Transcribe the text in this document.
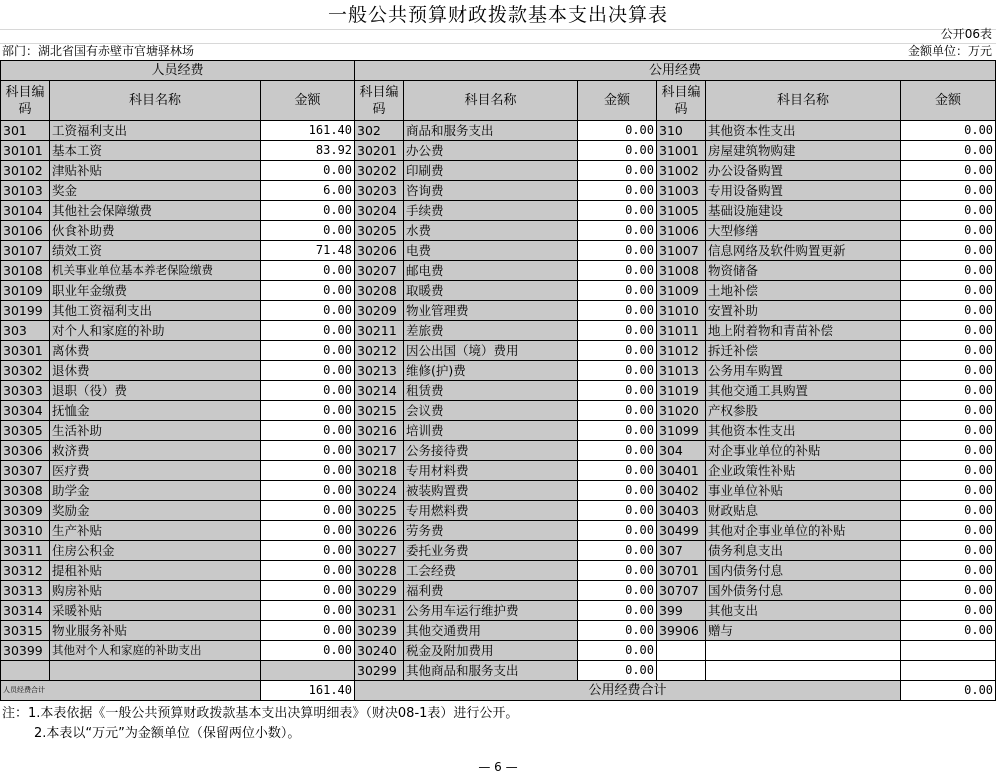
一般公共预算财政拨款基本支出决算表
公开06表
部门：湖北省国有赤壁市官塘驿林场	金额单位：万元
人员经费			公用经费					
科目编码	科目名称	金额	科目编码	科目名称	金额	科目编码	科目名称	金额
301	工资福利支出	161.40	302	商品和服务支出	0.00	310	其他资本性支出	0.00
30101	基本工资	83.92	30201	办公费	0.00	31001	房屋建筑物购建	0.00
30102	津贴补贴	0.00	30202	印刷费	0.00	31002	办公设备购置	0.00
30103	奖金	6.00	30203	咨询费	0.00	31003	专用设备购置	0.00
30104	其他社会保障缴费	0.00	30204	手续费	0.00	31005	基础设施建设	0.00
30106	伙食补助费	0.00	30205	水费	0.00	31006	大型修缮	0.00
30107	绩效工资	71.48	30206	电费	0.00	31007	信息网络及软件购置更新	0.00
30108	机关事业单位基本养老保险缴费	0.00	30207	邮电费	0.00	31008	物资储备	0.00
30109	职业年金缴费	0.00	30208	取暖费	0.00	31009	土地补偿	0.00
30199	其他工资福利支出	0.00	30209	物业管理费	0.00	31010	安置补助	0.00
303	对个人和家庭的补助	0.00	30211	差旅费	0.00	31011	地上附着物和青苗补偿	0.00
30301	离休费	0.00	30212	因公出国（境）费用	0.00	31012	拆迁补偿	0.00
30302	退休费	0.00	30213	维修(护)费	0.00	31013	公务用车购置	0.00
30303	退职（役）费	0.00	30214	租赁费	0.00	31019	其他交通工具购置	0.00
30304	抚恤金	0.00	30215	会议费	0.00	31020	产权参股	0.00
30305	生活补助	0.00	30216	培训费	0.00	31099	其他资本性支出	0.00
30306	救济费	0.00	30217	公务接待费	0.00	304	对企事业单位的补贴	0.00
30307	医疗费	0.00	30218	专用材料费	0.00	30401	企业政策性补贴	0.00
30308	助学金	0.00	30224	被装购置费	0.00	30402	事业单位补贴	0.00
30309	奖励金	0.00	30225	专用燃料费	0.00	30403	财政贴息	0.00
30310	生产补贴	0.00	30226	劳务费	0.00	30499	其他对企事业单位的补贴	0.00
30311	住房公积金	0.00	30227	委托业务费	0.00	307	债务利息支出	0.00
30312	提租补贴	0.00	30228	工会经费	0.00	30701	国内债务付息	0.00
30313	购房补贴	0.00	30229	福利费	0.00	30707	国外债务付息	0.00
30314	采暖补贴	0.00	30231	公务用车运行维护费	0.00	399	其他支出	0.00
30315	物业服务补贴	0.00	30239	其他交通费用	0.00	39906	赠与	0.00
30399	其他对个人和家庭的补助支出	0.00	30240	税金及附加费用	0.00			
			30299	其他商品和服务支出	0.00			
人员经费合计		161.40	公用经费合计					0.00
注：1.本表依据《一般公共预算财政拨款基本支出决算明细表》（财决08-1表）进行公开。
2.本表以“万元”为金额单位（保留两位小数）。
— 6 —
